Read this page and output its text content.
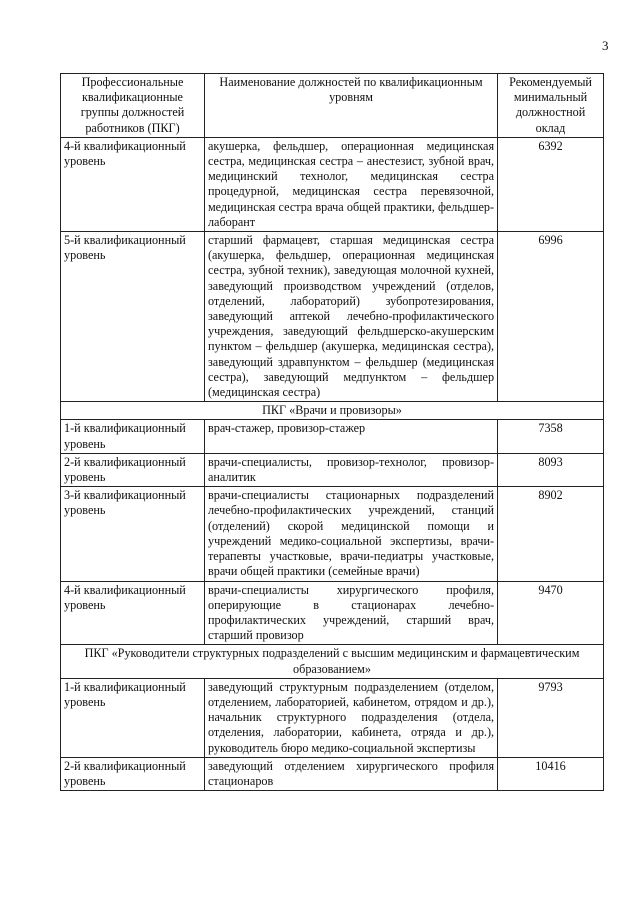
3
Профессиональные квалификационные группы должностей работников (ПКГ)	Наименование должностей по квалификационным уровням	Рекомендуемый минимальный должностной оклад
4-й квалификационный уровень	акушерка, фельдшер, операционная медицинская сестра, медицинская сестра – анестезист, зубной врач, медицинский технолог, медицинская сестра процедурной, медицинская сестра перевязочной, медицинская сестра врача общей практики, фельдшер-лаборант	6392
5-й квалификационный уровень	старший фармацевт, старшая медицинская сестра (акушерка, фельдшер, операционная медицинская сестра, зубной техник), заведующая молочной кухней, заведующий производством учреждений (отделов, отделений, лабораторий) зубопротезирования, заведующий аптекой лечебно-профилактического учреждения, заведующий фельдшерско-акушерским пунктом – фельдшер (акушерка, медицинская сестра), заведующий здравпунктом – фельдшер (медицинская сестра), заведующий медпунктом – фельдшер (медицинская сестра)	6996
ПКГ «Врачи и провизоры»		
1-й квалификационный уровень	врач-стажер, провизор-стажер	7358
2-й квалификационный уровень	врачи-специалисты, провизор-технолог, провизор-аналитик	8093
3-й квалификационный уровень	врачи-специалисты стационарных подразделений лечебно-профилактических учреждений, станций (отделений) скорой медицинской помощи и учреждений медико-социальной экспертизы, врачи-терапевты участковые, врачи-педиатры участковые, врачи общей практики (семейные врачи)	8902
4-й квалификационный уровень	врачи-специалисты хирургического профиля, оперирующие в стационарах лечебно-профилактических учреждений, старший врач, старший провизор	9470
ПКГ «Руководители структурных подразделений с высшим медицинским и фармацевтическим образованием»		
1-й квалификационный уровень	заведующий структурным подразделением (отделом, отделением, лабораторией, кабинетом, отрядом и др.), начальник структурного подразделения (отдела, отделения, лаборатории, кабинета, отряда и др.), руководитель бюро медико-социальной экспертизы	9793
2-й квалификационный уровень	заведующий отделением хирургического профиля стационаров	10416
